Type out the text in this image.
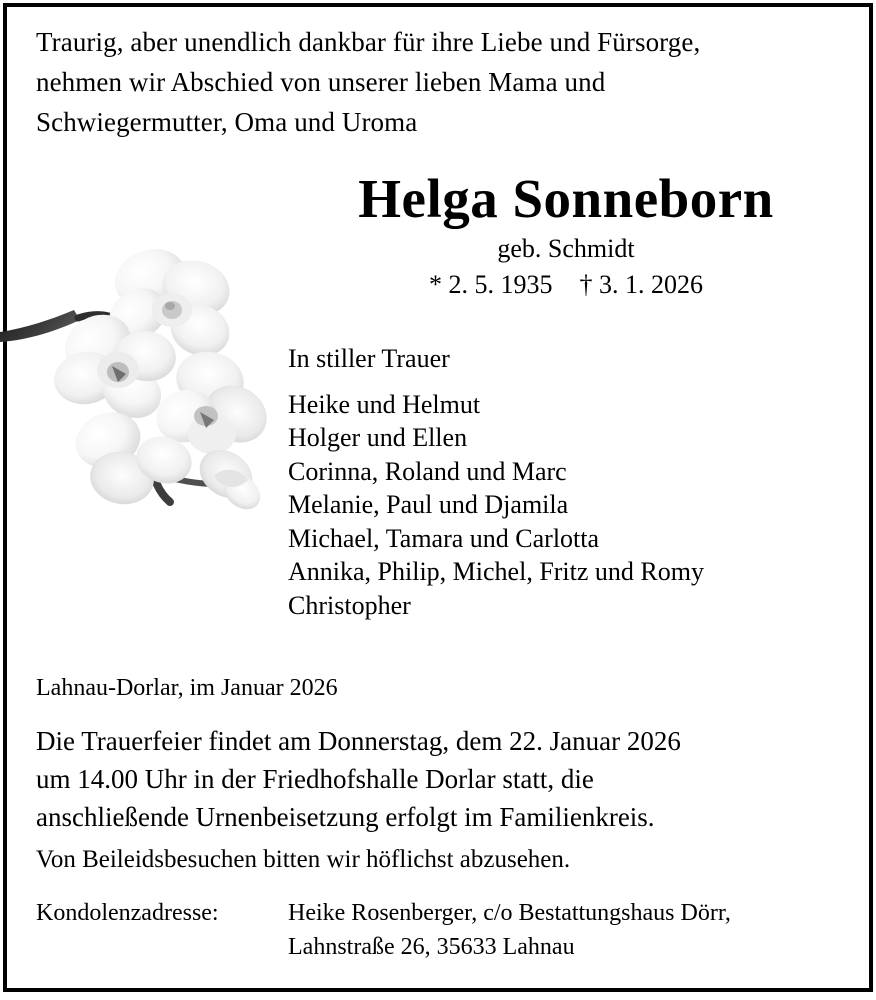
Traurig, aber unendlich dankbar für ihre Liebe und Fürsorge,
nehmen wir Abschied von unserer lieben Mama und
Schwiegermutter, Oma und Uroma
Helga Sonneborn
geb. Schmidt
* 2. 5. 1935 † 3. 1. 2026
In stiller Trauer
Heike und Helmut
Holger und Ellen
Corinna, Roland und Marc
Melanie, Paul und Djamila
Michael, Tamara und Carlotta
Annika, Philip, Michel, Fritz und Romy
Christopher
Lahnau-Dorlar, im Januar 2026
Die Trauerfeier findet am Donnerstag, dem 22. Januar 2026
um 14.00 Uhr in der Friedhofshalle Dorlar statt, die
anschließende Urnenbeisetzung erfolgt im Familienkreis.
Von Beileidsbesuchen bitten wir höflichst abzusehen.
Kondolenzadresse:	Heike Rosenberger, c/o Bestattungshaus Dörr,
Lahnstraße 26, 35633 Lahnau
